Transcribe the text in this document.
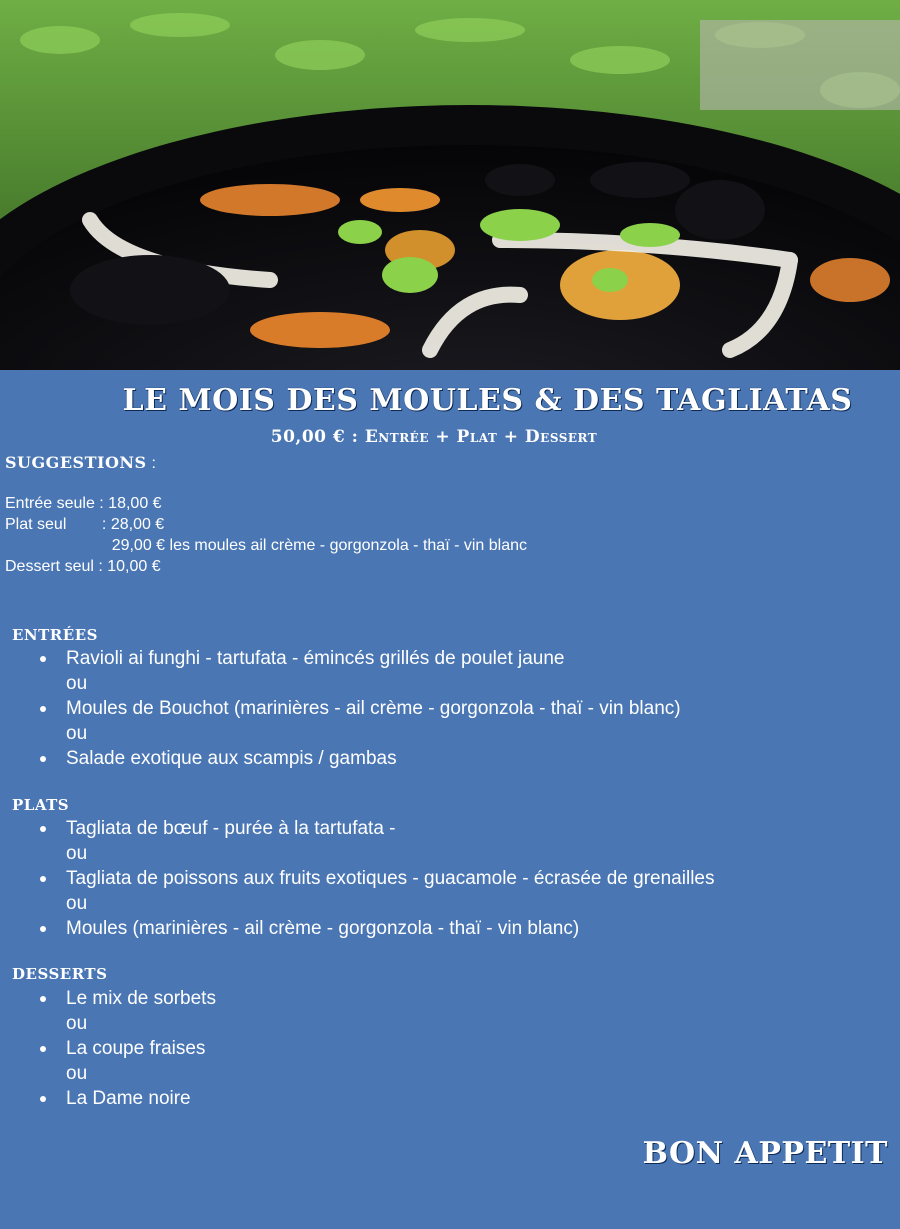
LE MOIS DES MOULES & DES TAGLIATAS
50,00 € : Entrée + Plat + Dessert
SUGGESTIONS :
Entrée seule : 18,00 €
Plat seul        : 28,00 €
29,00 € les moules ail crème - gorgonzola - thaï - vin blanc
Dessert seul : 10,00 €
ENTRÉES
Ravioli ai funghi - tartufata - émincés grillés de poulet jaune
ou
Moules de Bouchot (marinières - ail crème - gorgonzola - thaï - vin blanc)
ou
Salade exotique aux scampis / gambas
PLATS
Tagliata de bœuf - purée à la tartufata -
ou
Tagliata de poissons aux fruits exotiques - guacamole - écrasée de grenailles
ou
Moules (marinières - ail crème - gorgonzola - thaï - vin blanc)
DESSERTS
Le mix de sorbets
ou
La coupe fraises
ou
La Dame noire
BON APPETIT
